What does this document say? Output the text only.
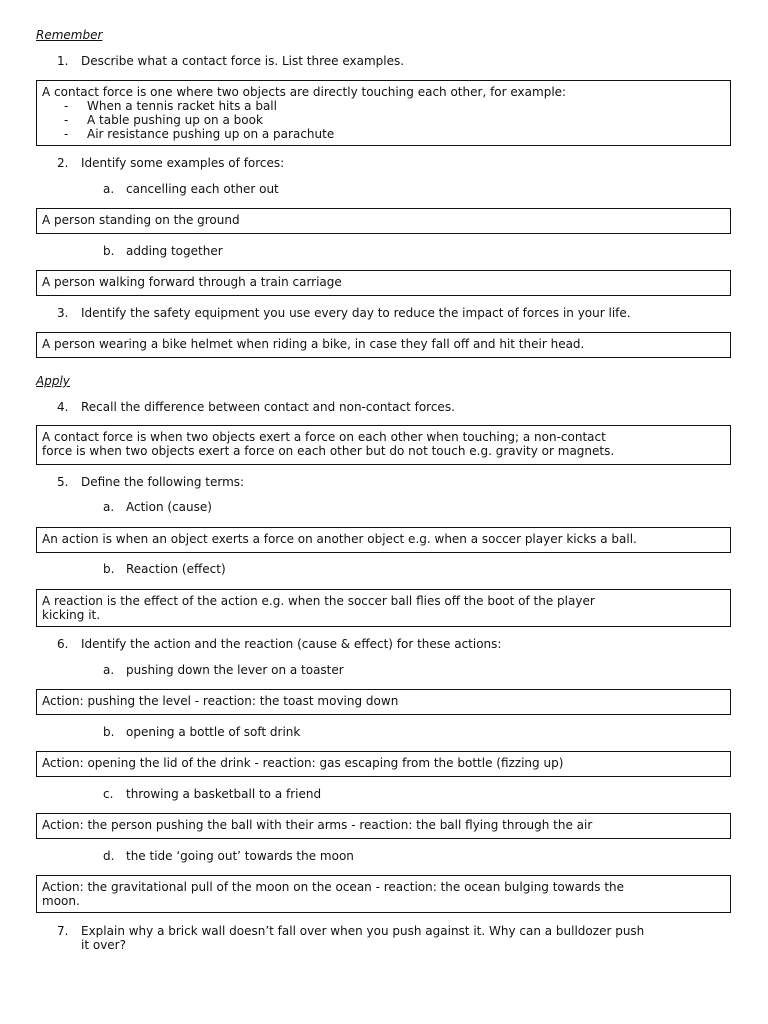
Remember
1. Describe what a contact force is. List three examples.
A contact force is one where two objects are directly touching each other, for example:
-	When a tennis racket hits a ball
-	A table pushing up on a book
-	Air resistance pushing up on a parachute
2. Identify some examples of forces:
a. cancelling each other out
A person standing on the ground
b. adding together
A person walking forward through a train carriage
3. Identify the safety equipment you use every day to reduce the impact of forces in your life.
A person wearing a bike helmet when riding a bike, in case they fall off and hit their head.
Apply
4. Recall the difference between contact and non-contact forces.
A contact force is when two objects exert a force on each other when touching; a non-contact
force is when two objects exert a force on each other but do not touch e.g. gravity or magnets.
5. Define the following terms:
a. Action (cause)
An action is when an object exerts a force on another object e.g. when a soccer player kicks a ball.
b. Reaction (effect)
A reaction is the effect of the action e.g. when the soccer ball flies off the boot of the player
kicking it.
6. Identify the action and the reaction (cause & effect) for these actions:
a. pushing down the lever on a toaster
Action: pushing the level - reaction: the toast moving down
b. opening a bottle of soft drink
Action: opening the lid of the drink - reaction: gas escaping from the bottle (fizzing up)
c. throwing a basketball to a friend
Action: the person pushing the ball with their arms - reaction: the ball flying through the air
d. the tide ‘going out’ towards the moon
Action: the gravitational pull of the moon on the ocean - reaction: the ocean bulging towards the
moon.
7. Explain why a brick wall doesn’t fall over when you push against it. Why can a bulldozer push
it over?
